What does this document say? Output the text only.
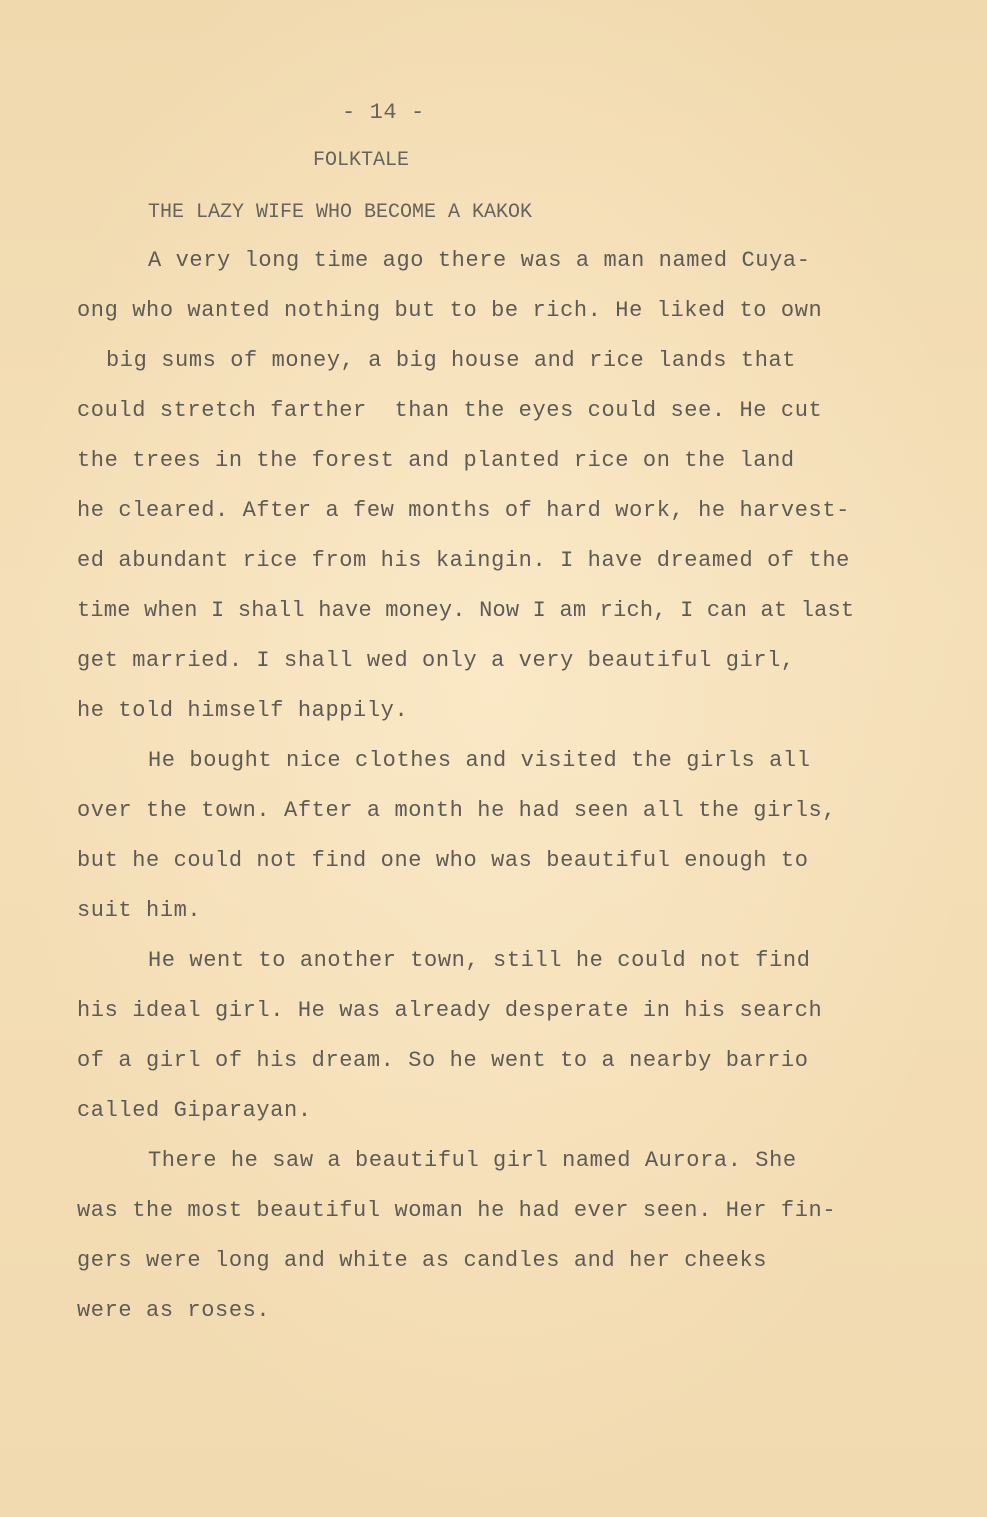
- 14 -
FOLKTALE
THE LAZY WIFE WHO BECOME A KAKOK
A very long time ago there was a man named Cuya-
ong who wanted nothing but to be rich. He liked to own
big sums of money, a big house and rice lands that
could stretch farther  than the eyes could see. He cut
the trees in the forest and planted rice on the land
he cleared. After a few months of hard work, he harvest-
ed abundant rice from his kaingin. I have dreamed of the
time when I shall have money. Now I am rich, I can at last
get married. I shall wed only a very beautiful girl,
he told himself happily.
He bought nice clothes and visited the girls all
over the town. After a month he had seen all the girls,
but he could not find one who was beautiful enough to
suit him.
He went to another town, still he could not find
his ideal girl. He was already desperate in his search
of a girl of his dream. So he went to a nearby barrio
called Giparayan.
There he saw a beautiful girl named Aurora. She
was the most beautiful woman he had ever seen. Her fin-
gers were long and white as candles and her cheeks
were as roses.
